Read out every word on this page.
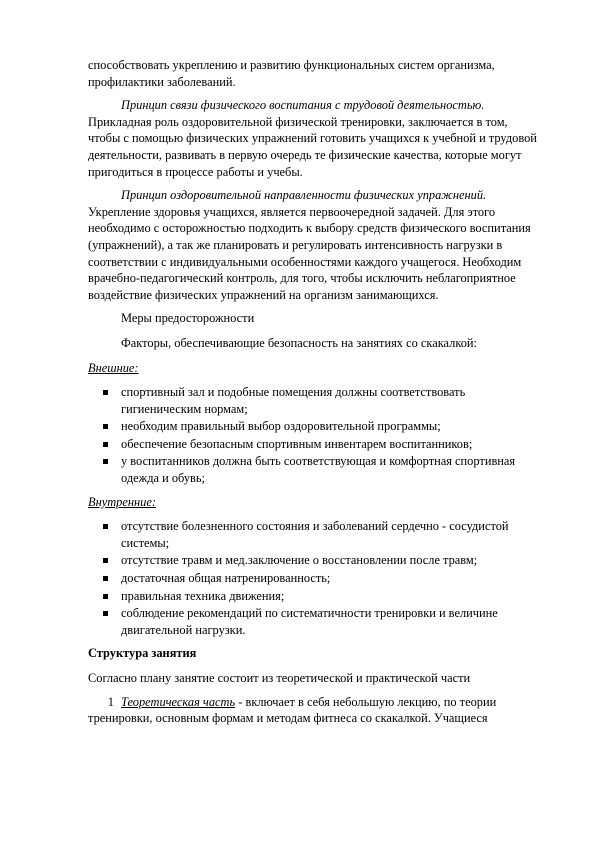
способствовать укреплению и развитию функциональных систем организма, профилактики заболеваний.

Принцип связи физического воспитания с трудовой деятельностью. Прикладная роль оздоровительной физической тренировки, заключается в том, чтобы с помощью физических упражнений готовить учащихся к учебной и трудовой деятельности, развивать в первую очередь те физические качества, которые могут пригодиться в процессе работы и учебы.

Принцип оздоровительной направленности физических упражнений. Укрепление здоровья учащихся, является первоочередной задачей. Для этого необходимо с осторожностью подходить к выбору средств физического воспитания (упражнений), а так же планировать и регулировать интенсивность нагрузки в соответствии с индивидуальными особенностями каждого учащегося. Необходим врачебно-педагогический контроль, для того, чтобы исключить неблагоприятное воздействие физических упражнений на организм занимающихся.

Меры предосторожности

Факторы, обеспечивающие безопасность на занятиях со скакалкой:

Внешние:

спортивный зал и подобные помещения должны соответствовать гигиеническим нормам;
необходим правильный выбор оздоровительной программы;
обеспечение безопасным спортивным инвентарем воспитанников;
у воспитанников должна быть соответствующая и комфортная спортивная одежда и обувь;

Внутренние:

отсутствие болезненного состояния и заболеваний сердечно - сосудистой системы;
отсутствие травм и мед.заключение о восстановлении после травм;
достаточная общая натренированность;
правильная техника движения;
соблюдение рекомендаций по систематичности тренировки и величине двигательной нагрузки.

Структура занятия

Согласно плану занятие состоит из теоретической и практической части

1 Теоретическая часть - включает в себя небольшую лекцию, по теории тренировки, основным формам и методам фитнеса со скакалкой. Учащиеся
